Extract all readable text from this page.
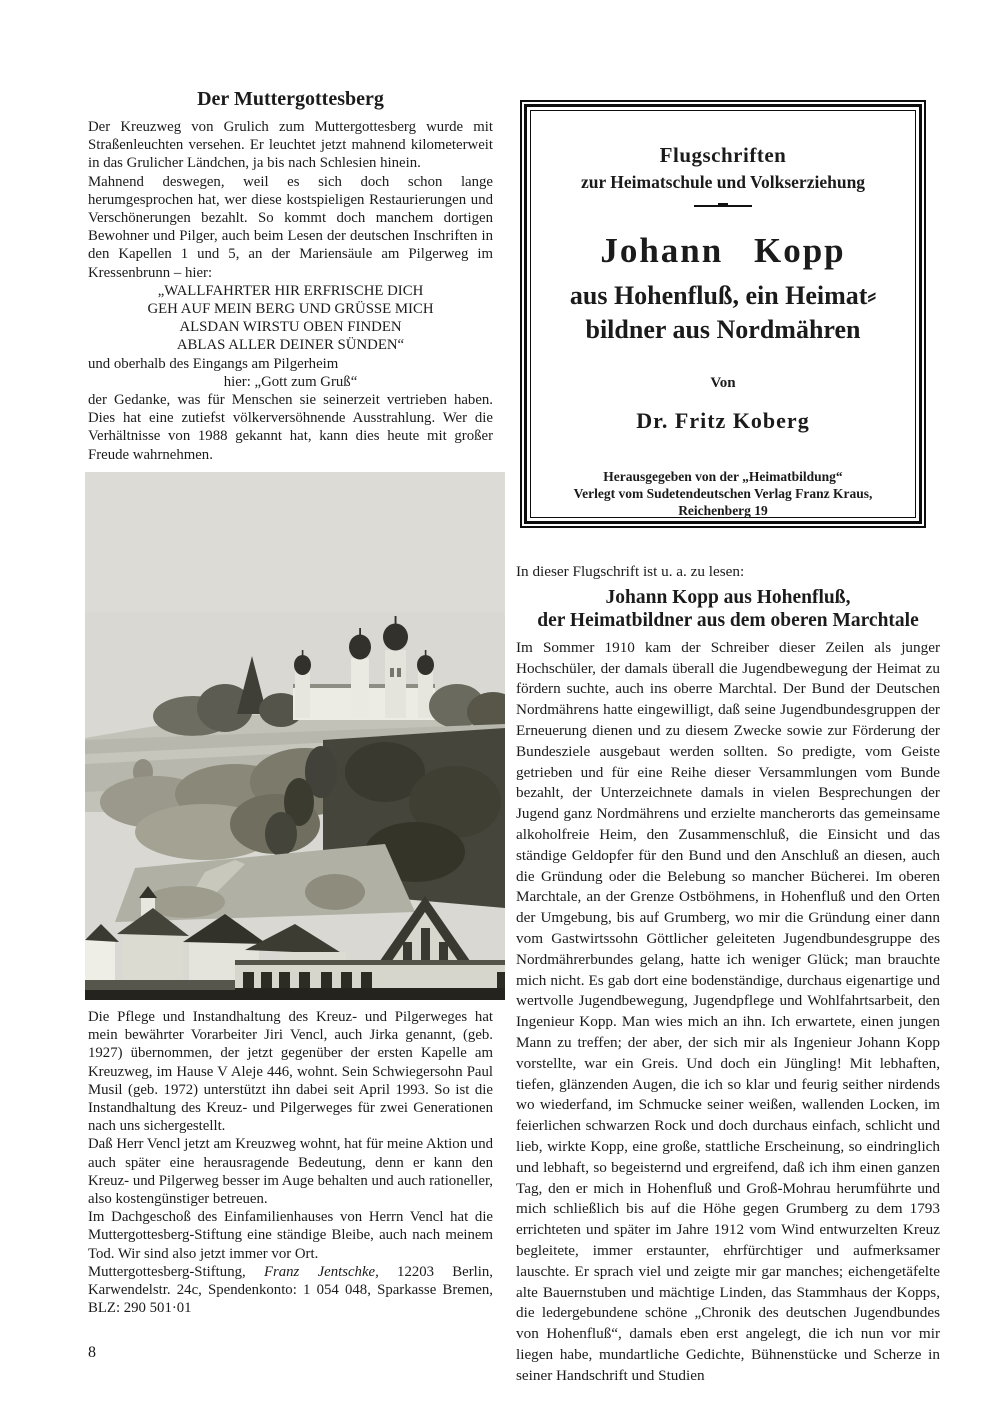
Der Muttergottesberg

Der Kreuzweg von Grulich zum Muttergottesberg wurde mit Straßenleuchten versehen. Er leuchtet jetzt mahnend kilometerweit in das Grulicher Ländchen, ja bis nach Schlesien hinein.

Mahnend deswegen, weil es sich doch schon lange herumgesprochen hat, wer diese kostspieligen Restaurierungen und Verschönerungen bezahlt. So kommt doch manchem dortigen Bewohner und Pilger, auch beim Lesen der deutschen Inschriften in den Kapellen 1 und 5, an der Mariensäule am Pilgerweg im Kressenbrunn – hier:

„WALLFAHRTER HIR ERFRISCHE DICH

GEH AUF MEIN BERG UND GRÜSSE MICH

ALSDAN WIRSTU OBEN FINDEN

ABLAS ALLER DEINER SÜNDEN“

und oberhalb des Eingangs am Pilgerheim

hier: „Gott zum Gruß“

der Gedanke, was für Menschen sie seinerzeit vertrieben haben. Dies hat eine zutiefst völkerversöhnende Ausstrahlung. Wer die Verhältnisse von 1988 gekannt hat, kann dies heute mit großer Freude wahrnehmen.

Die Pflege und Instandhaltung des Kreuz- und Pilgerweges hat mein bewährter Vorarbeiter Jiri Vencl, auch Jirka genannt, (geb. 1927) übernommen, der jetzt gegenüber der ersten Kapelle am Kreuzweg, im Hause V Aleje 446, wohnt. Sein Schwiegersohn Paul Musil (geb. 1972) unterstützt ihn dabei seit April 1993. So ist die Instandhaltung des Kreuz- und Pilgerweges für zwei Generationen nach uns sichergestellt.

Daß Herr Vencl jetzt am Kreuzweg wohnt, hat für meine Aktion und auch später eine herausragende Bedeutung, denn er kann den Kreuz- und Pilgerweg besser im Auge behalten und auch rationeller, also kostengünstiger betreuen.

Im Dachgeschoß des Einfamilienhauses von Herrn Vencl hat die Muttergottesberg-Stiftung eine ständige Bleibe, auch nach meinem Tod. Wir sind also jetzt immer vor Ort.

Muttergottesberg-Stiftung, Franz Jentschke, 12203 Berlin, Karwendelstr. 24c, Spendenkonto: 1 054 048, Sparkasse Bremen, BLZ: 290 501·01

Flugschriften
zur Heimatschule und Volkserziehung
Johann Kopp
aus Hohenfluß, ein Heimat⸗
bildner aus Nordmähren
Von
Dr. Fritz Koberg
Herausgegeben von der „Heimatbildung“
Verlegt vom Sudetendeutschen Verlag Franz Kraus,
Reichenberg 19

In dieser Flugschrift ist u. a. zu lesen:

Johann Kopp aus Hohenfluß,
der Heimatbildner aus dem oberen Marchtale

Im Sommer 1910 kam der Schreiber dieser Zeilen als junger Hochschüler, der damals überall die Jugendbewegung der Heimat zu fördern suchte, auch ins oberre Marchtal. Der Bund der Deutschen Nordmährens hatte eingewilligt, daß seine Jugendbundesgruppen der Erneuerung dienen und zu diesem Zwecke sowie zur Förderung der Bundesziele ausgebaut werden sollten. So predigte, vom Geiste getrieben und für eine Reihe dieser Versammlungen vom Bunde bezahlt, der Unterzeichnete damals in vielen Besprechungen der Jugend ganz Nordmährens und erzielte mancherorts das gemeinsame alkoholfreie Heim, den Zusammenschluß, die Einsicht und das ständige Geldopfer für den Bund und den Anschluß an diesen, auch die Gründung oder die Belebung so mancher Bücherei. Im oberen Marchtale, an der Grenze Ostböhmens, in Hohenfluß und den Orten der Umgebung, bis auf Grumberg, wo mir die Gründung einer dann vom Gastwirtssohn Göttlicher geleiteten Jugendbundesgruppe des Nordmährerbundes gelang, hatte ich weniger Glück; man brauchte mich nicht. Es gab dort eine bodenständige, durchaus eigenartige und wertvolle Jugendbewegung, Jugendpflege und Wohlfahrtsarbeit, den Ingenieur Kopp. Man wies mich an ihn. Ich erwartete, einen jungen Mann zu treffen; der aber, der sich mir als Ingenieur Johann Kopp vorstellte, war ein Greis. Und doch ein Jüngling! Mit lebhaften, tiefen, glänzenden Augen, die ich so klar und feurig seither nirdends wo wiederfand, im Schmucke seiner weißen, wallenden Locken, im feierlichen schwarzen Rock und doch durchaus einfach, schlicht und lieb, wirkte Kopp, eine große, stattliche Erscheinung, so eindringlich und lebhaft, so begeisternd und ergreifend, daß ich ihm einen ganzen Tag, den er mich in Hohenfluß und Groß-Mohrau herumführte und mich schließlich bis auf die Höhe gegen Grumberg zu dem 1793 errichteten und später im Jahre 1912 vom Wind entwurzelten Kreuz begleitete, immer erstaunter, ehrfürchtiger und aufmerksamer lauschte. Er sprach viel und zeigte mir gar manches; eichengetäfelte alte Bauernstuben und mächtige Linden, das Stammhaus der Kopps, die ledergebundene schöne „Chronik des deutschen Jugendbundes von Hohenfluß“, damals eben erst angelegt, die ich nun vor mir liegen habe, mundartliche Gedichte, Bühnenstücke und Scherze in seiner Handschrift und Studien

8
